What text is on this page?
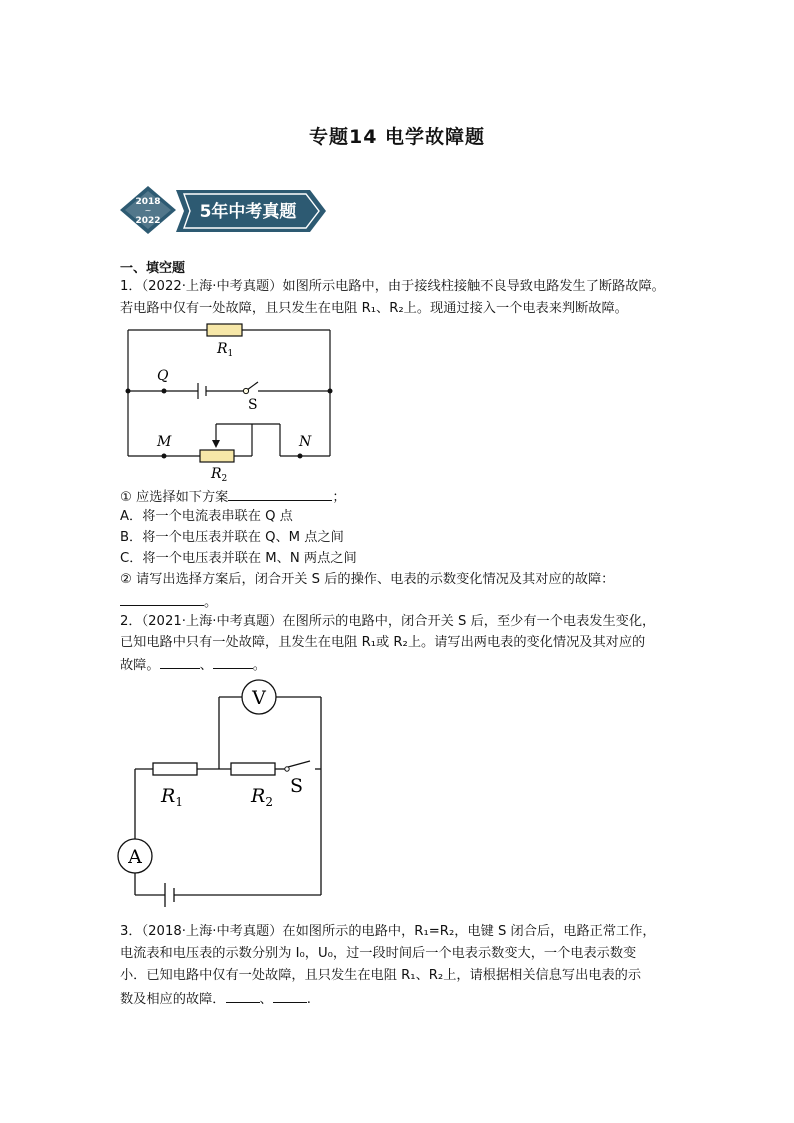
专题14 电学故障题
2018
~
2022 5年中考真题
一、填空题
1．（2022·上海·中考真题）如图所示电路中，由于接线柱接触不良导致电路发生了断路故障。
若电路中仅有一处故障，且只发生在电阻 R₁、R₂上。现通过接入一个电表来判断故障。
$R_1$
Q
S
M	N
$R_2$
① 应选择如下方案	；
A．将一个电流表串联在 Q 点
B．将一个电压表并联在 Q、M 点之间
C．将一个电压表并联在 M、N 两点之间
② 请写出选择方案后，闭合开关 S 后的操作、电表的示数变化情况及其对应的故障：
。
2．（2021·上海·中考真题）在图所示的电路中，闭合开关 S 后，至少有一个电表发生变化，
已知电路中只有一处故障，且发生在电阻 R₁或 R₂上。请写出两电表的变化情况及其对应的
故障。	、	。
V
A
$R_1$	$R_2$
S
3．（2018·上海·中考真题）在如图所示的电路中，R₁=R₂，电键 S 闭合后，电路正常工作，
电流表和电压表的示数分别为 I₀，U₀，过一段时间后一个电表示数变大，一个电表示数变
小．已知电路中仅有一处故障，且只发生在电阻 R₁、R₂上，请根据相关信息写出电表的示
数及相应的故障．	、	.
